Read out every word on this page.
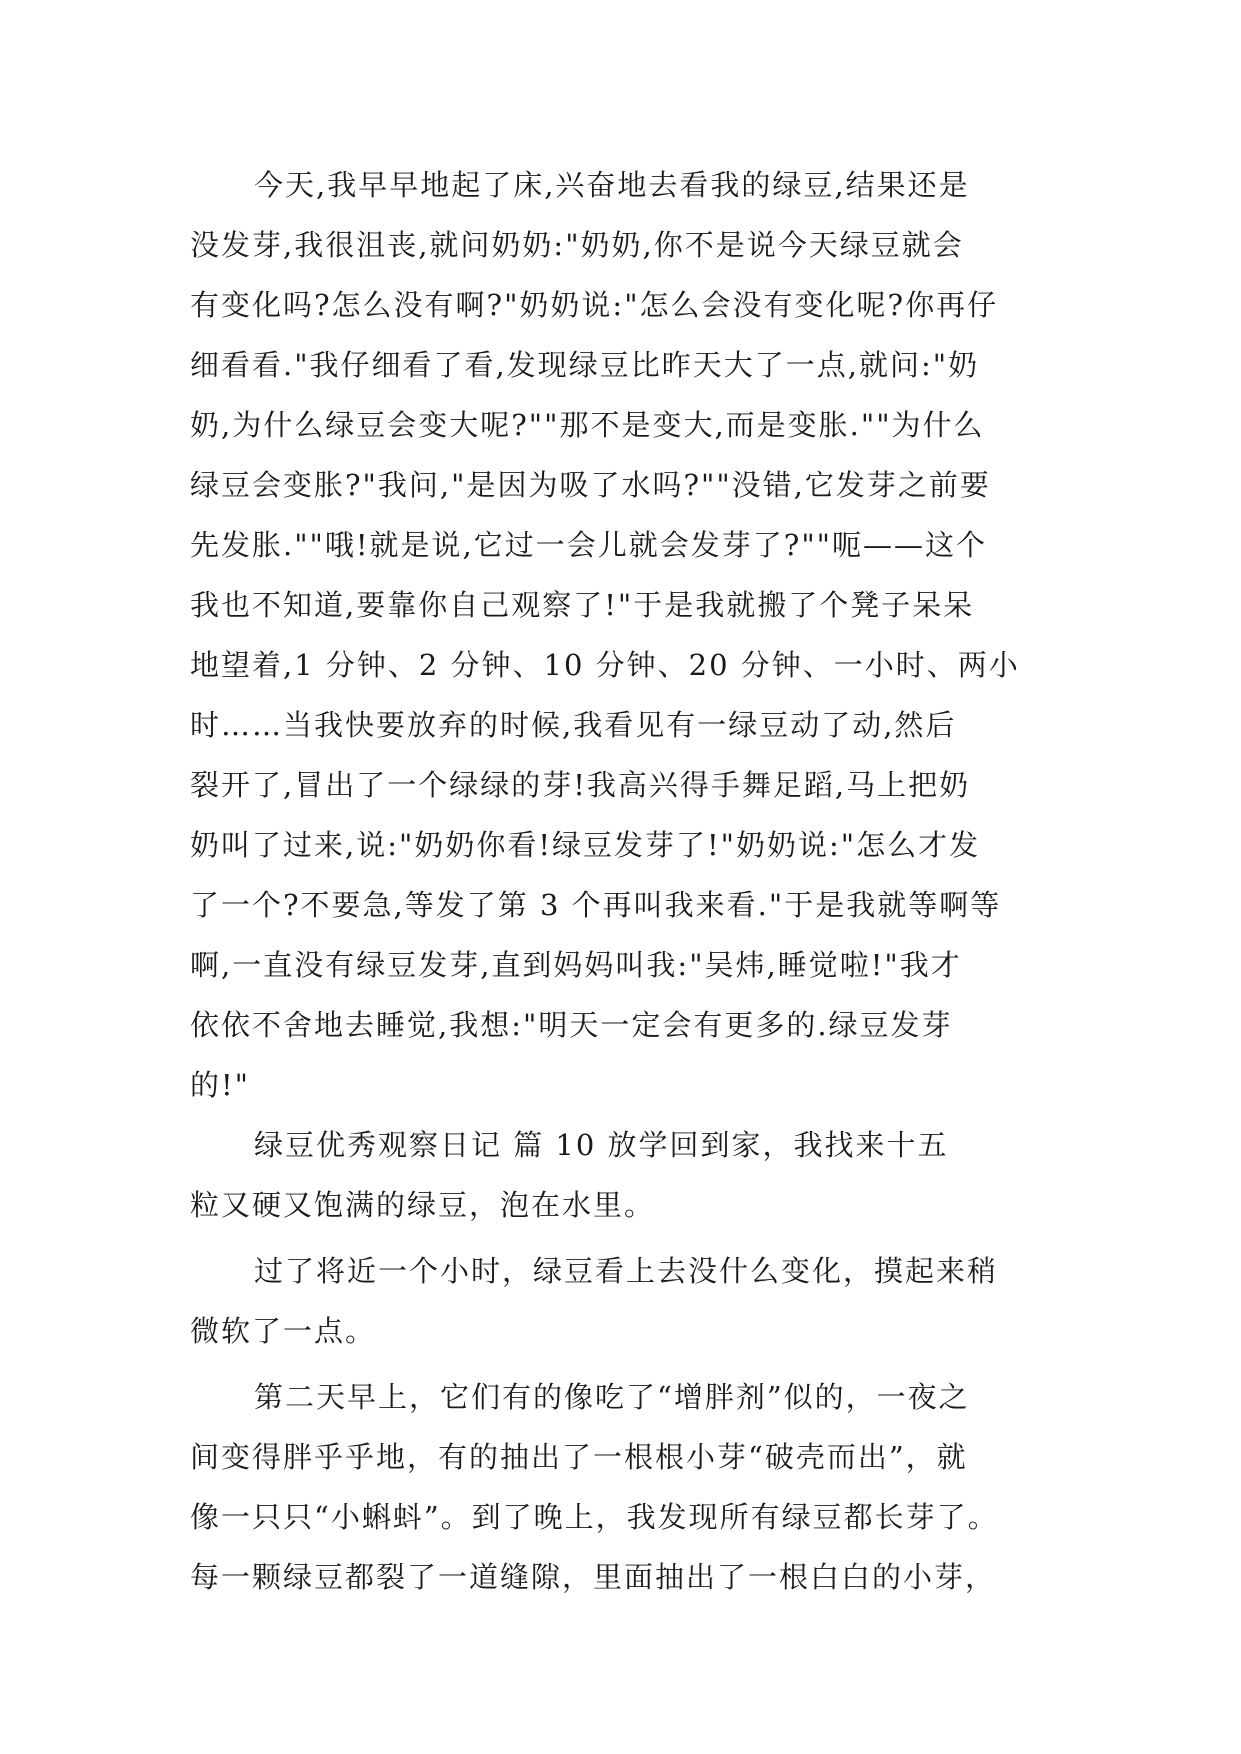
今天,我早早地起了床,兴奋地去看我的绿豆,结果还是
没发芽,我很沮丧,就问奶奶:"奶奶,你不是说今天绿豆就会
有变化吗?怎么没有啊?"奶奶说:"怎么会没有变化呢?你再仔
细看看."我仔细看了看,发现绿豆比昨天大了一点,就问:"奶
奶,为什么绿豆会变大呢?""那不是变大,而是变胀.""为什么
绿豆会变胀?"我问,"是因为吸了水吗?""没错,它发芽之前要
先发胀.""哦!就是说,它过一会儿就会发芽了?""呃——这个
我也不知道,要靠你自己观察了!"于是我就搬了个凳子呆呆
地望着,1 分钟、2 分钟、10 分钟、20 分钟、一小时、两小
时……当我快要放弃的时候,我看见有一绿豆动了动,然后
裂开了,冒出了一个绿绿的芽!我高兴得手舞足蹈,马上把奶
奶叫了过来,说:"奶奶你看!绿豆发芽了!"奶奶说:"怎么才发
了一个?不要急,等发了第 3 个再叫我来看."于是我就等啊等
啊,一直没有绿豆发芽,直到妈妈叫我:"吴炜,睡觉啦!"我才
依依不舍地去睡觉,我想:"明天一定会有更多的.绿豆发芽
的!"
绿豆优秀观察日记 篇 10 放学回到家，我找来十五
粒又硬又饱满的绿豆，泡在水里。
过了将近一个小时，绿豆看上去没什么变化，摸起来稍
微软了一点。
第二天早上，它们有的像吃了“增胖剂”似的，一夜之
间变得胖乎乎地，有的抽出了一根根小芽“破壳而出”，就
像一只只“小蝌蚪”。到了晚上，我发现所有绿豆都长芽了。
每一颗绿豆都裂了一道缝隙，里面抽出了一根白白的小芽，
